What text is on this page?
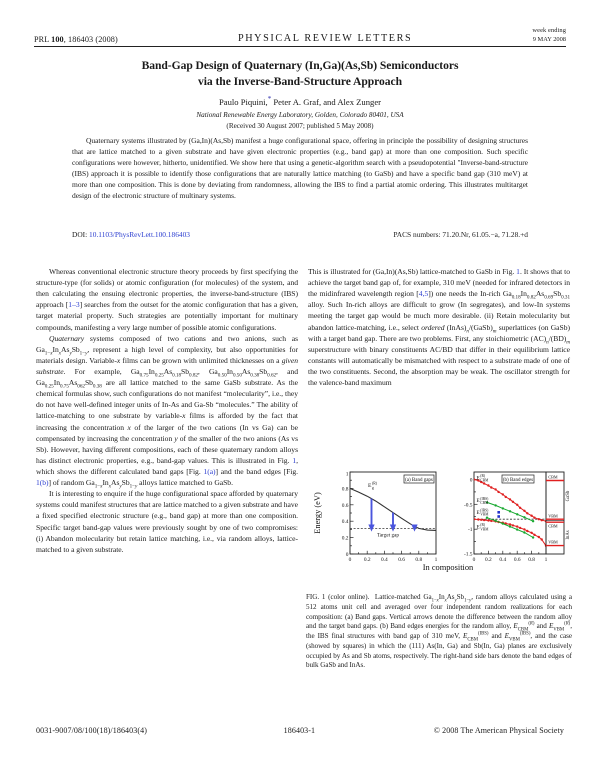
PRL 100, 186403 (2008)	PHYSICAL REVIEW LETTERS
week ending
9 MAY 2008
Band-Gap Design of Quaternary (In,Ga)(As,Sb) Semiconductors
via the Inverse-Band-Structure Approach
Paulo Piquini,* Peter A. Graf, and Alex Zunger
National Renewable Energy Laboratory, Golden, Colorado 80401, USA
(Received 30 August 2007; published 5 May 2008)
Quaternary systems illustrated by (Ga,In)(As,Sb) manifest a huge configurational space, offering in principle the possibility of designing structures that are lattice matched to a given substrate and have given electronic properties (e.g., band gap) at more than one composition. Such specific configurations were however, hitherto, unidentified. We show here that using a genetic-algorithm search with a pseudopotential "Inverse-band-structure (IBS) approach it is possible to identify those configurations that are naturally lattice matching (to GaSb) and have a specific band gap (310 meV) at more than one composition. This is done by deviating from randomness, allowing the IBS to find a partial atomic ordering. This illustrates multitarget design of the electronic structure of multinary systems.
DOI: 10.1103/PhysRevLett.100.186403	PACS numbers: 71.20.Nr, 61.05.−a, 71.28.+d

Whereas conventional electronic structure theory proceeds by first specifying the structure-type (for solids) or atomic configuration (for molecules) of the system, and then calculating the ensuing electronic properties, the inverse-band-structure (IBS) approach [1–3] searches from the outset for the atomic configuration that has a given, target material property. Such strategies are potentially important for multinary compounds, manifesting a very large number of possible atomic configurations.

Quaternary systems composed of two cations and two anions, such as $Ga_{1-x}In_xAs_ySb_{1-y}$, represent a high level of complexity, but also opportunities for materials design. Variable-x films can be grown with unlimited thicknesses on a given substrate. For example, $Ga_{0.75}In_{0.25}As_{0.18}Sb_{0.82}$, $Ga_{0.50}In_{0.50}As_{0.38}Sb_{0.62}$, and $Ga_{0.25}In_{0.75}As_{062}Sb_{0.38}$ are all lattice matched to the same GaSb substrate. As the chemical formulas show, such configurations do not manifest “molecularity”, i.e., they do not have well-defined integer units of In-As and Ga-Sb “molecules.” The ability of lattice-matching to one substrate by variable-x films is afforded by the fact that increasing the concentration x of the larger of the two cations (In vs Ga) can be compensated by increasing the concentration y of the smaller of the two anions (As vs Sb). However, having different compositions, each of these quaternary random alloys has distinct electronic properties, e.g., band-gap values. This is illustrated in Fig. 1, which shows the different calculated band gaps [Fig. 1(a)] and the band edges [Fig. 1(b)] of random $Ga_{1-x}In_xAs_ySb_{1-y}$ alloys lattice matched to GaSb.

It is interesting to enquire if the huge configurational space afforded by quaternary systems could manifest structures that are lattice matched to a given substrate and have a fixed specified electronic structure (e.g., band gap) at more than one composition. Specific target band-gap values were previously sought by one of two compromises: (i) Abandon molecularity but retain lattice matching, i.e., via random alloys, lattice-matched to a given substrate.

This is illustrated for (Ga,In)(As,Sb) lattice-matched to GaSb in Fig. 1. It shows that to achieve the target band gap of, for example, 310 meV (needed for infrared detectors in the midinfrared wavelength region [4,5]) one needs the In-rich $Ga_{0.18}In_{0.82}As_{0.69}Sb_{0.31}$ alloy. Such In-rich alloys are difficult to grow (In segregates), and low-In systems meeting the target gap would be much more desirable. (ii) Retain molecularity but abandon lattice-matching, i.e., select ordered $(InAs)_n/(GaSb)_m$ superlattices (on GaSb) with a target band gap. There are two problems. First, any stoichiometric $(AC)_n/(BD)_m$ superstructure with binary constituents AC/BD that differ in their equilibrium lattice constants will automatically be mismatched with respect to a substrate made of one of the two constituents. Second, the absorption may be weak. The oscillator strength for the valence-band maximum

0
0.2
0.4
0.6
0.8
1
0 0.2 0.4 0.6 0.8 1
Energy (eV)
E g
(R)
Target gap
(a) Band gaps	0
-0.5
-1
-1.5
0 0.2 0.4 0.6 0.8 1
E CBM
(R)
E CBM
(IBS)
E VBM
(IBS)
E VBM
(R)
(b) Band edges
CBM
VBM
CBM
VBM
GaSb
InAs
In composition
FIG. 1 (color online).  Lattice-matched $Ga_{1-x}In_xAs_ySb_{1-y}$, random alloys calculated using a 512 atoms unit cell and averaged over four independent random realizations for each composition: (a) Band gaps. Vertical arrows denote the difference between the random alloy and the target band gaps. (b) Band edges energies for the random alloy, $E_{CBM}^{(R)}$ and $E_{VBM}^{(R)}$, the IBS final structures with band gap of 310 meV, $E_{CBM}^{(IBS)}$ and $E_{VBM}^{(IBS)}$, and the case (showed by squares) in which the (111) As(In, Ga) and Sb(In, Ga) planes are exclusively occupied by As and Sb atoms, respectively. The right-hand side bars denote the band edges of bulk GaSb and InAs.
0031-9007/08/100(18)/186403(4)	186403-1	© 2008 The American Physical Society
